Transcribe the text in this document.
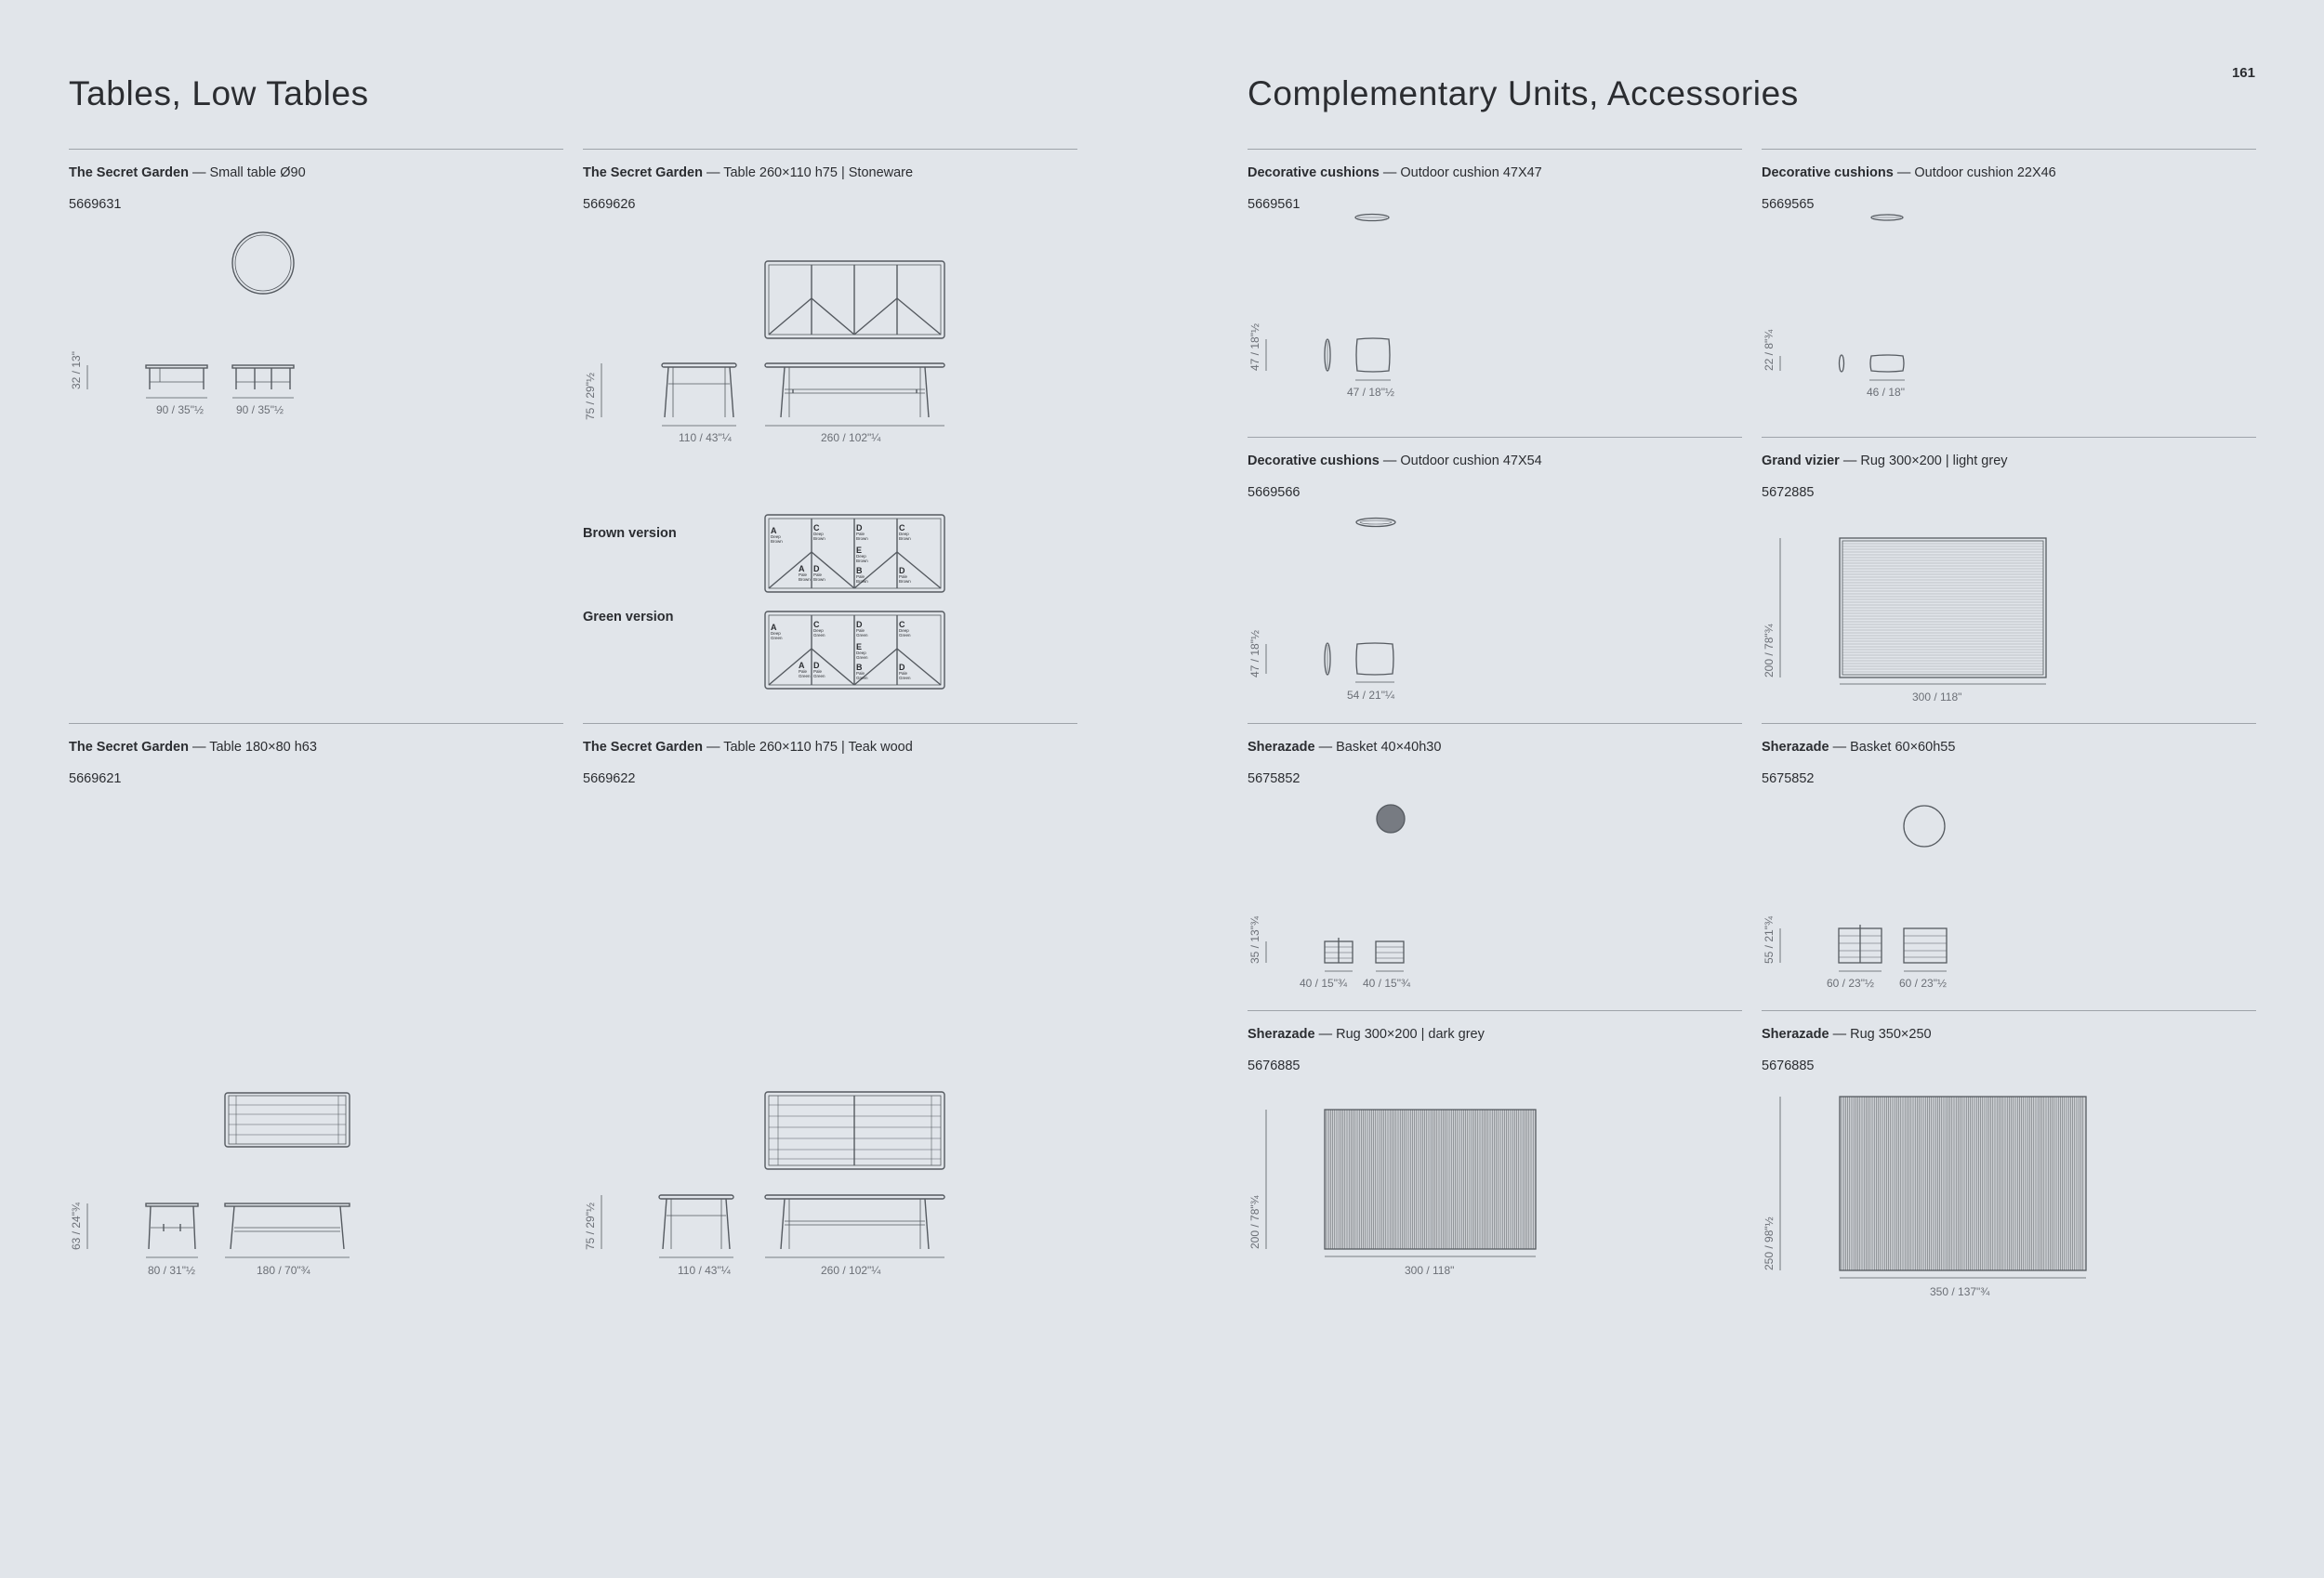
Tables, Low Tables	Complementary Units, Accessories
161
The Secret Garden — Small table Ø90
5669631
32 / 13"
90 / 35"½	90 / 35"½
The Secret Garden — Table 260×110 h75 | Stoneware
5669626
75 / 29"½
110 / 43"¼	260 / 102"¼
Brown version
Green version
A
Deep Brown
C
Deep Brown
D
Pale Brown
C
Deep Brown
A
Pale Brown
D
Pale Brown
E
Deep Brown
B
Pale Brown
D
Pale Brown
A
Deep Green
C
Deep Green
D
Pale Green
C
Deep Green
A
Pale Green
D
Pale Green
E
Deep Green
B
Pale Green
D
Pale Green
The Secret Garden — Table 180×80 h63
5669621
63 / 24"¾
80 / 31"½	180 / 70"¾
The Secret Garden — Table 260×110 h75 | Teak wood
5669622
75 / 29"½
110 / 43"¼	260 / 102"¼
Decorative cushions — Outdoor cushion 47X47
5669561
47 / 18"½
47 / 18"½
Decorative cushions — Outdoor cushion 22X46
5669565
22 / 8"¾
46 / 18"
Decorative cushions — Outdoor cushion 47X54
5669566
47 / 18"½
54 / 21"¼
Grand vizier — Rug 300×200 | light grey
5672885
200 / 78"¾
300 / 118"
Sherazade — Basket 40×40h30
5675852
35 / 13"¾
40 / 15"¾ 40 / 15"¾
Sherazade — Basket 60×60h55
5675852
55 / 21"¾
60 / 23"½ 60 / 23"½
Sherazade — Rug 300×200 | dark grey
5676885
200 / 78"¾
300 / 118"
Sherazade — Rug 350×250
5676885
250 / 98"½
350 / 137"¾
